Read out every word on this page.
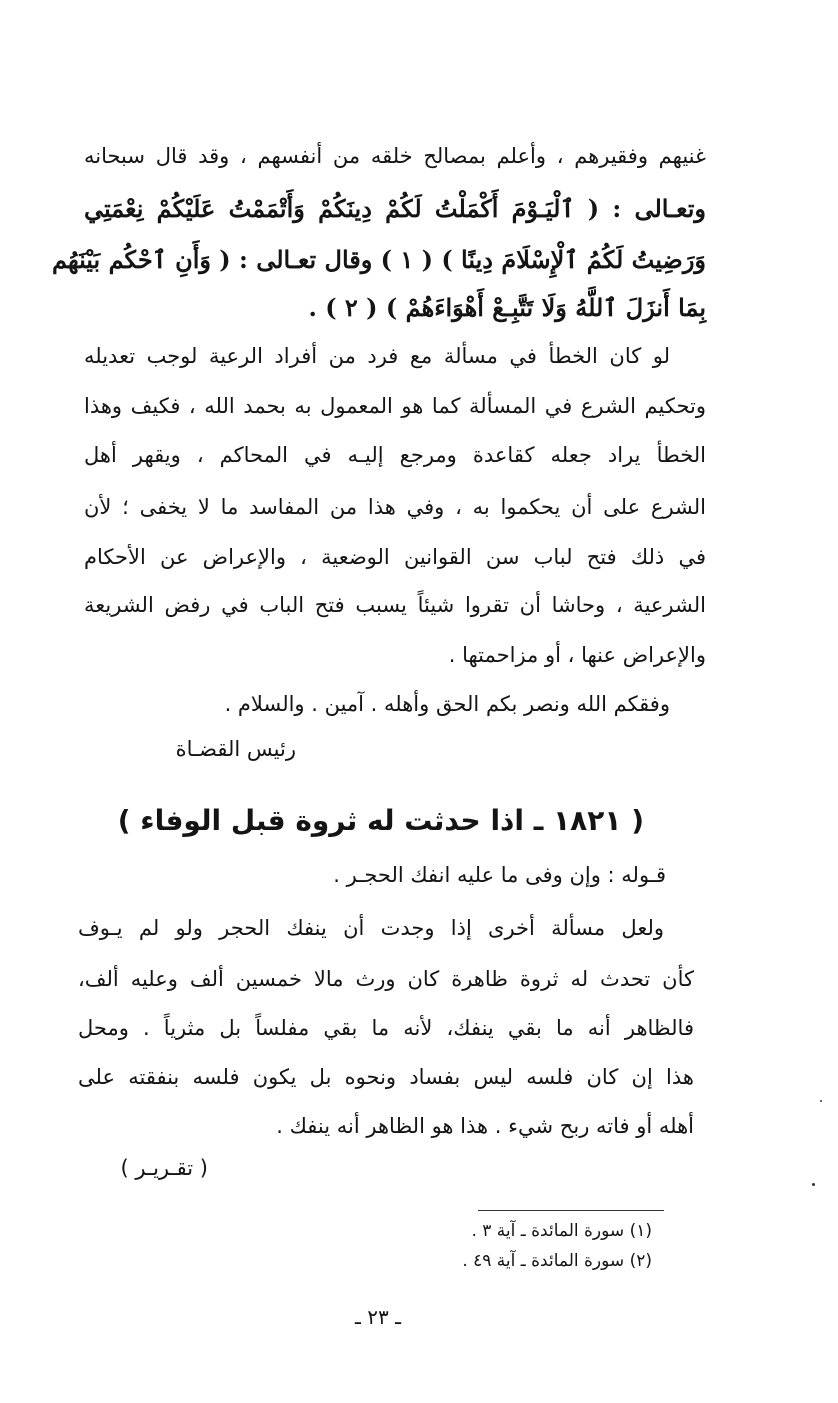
غنيهم وفقيرهم ، وأعلم بمصالح خلقه من أنفسهم ، وقد قال سبحانه
وتعـالى : ( ٱلْيَـوْمَ أَكْمَلْتُ لَكُمْ دِينَكُمْ وَأَتْمَمْتُ عَلَيْكُمْ نِعْمَتِي
وَرَضِيتُ لَكُمُ ٱلْإِسْلَامَ دِينًا ) ( ١ ) وقال تعـالى : ( وَأَنِ ٱحْكُم بَيْنَهُم
بِمَا أَنزَلَ ٱللَّهُ وَلَا تَتَّبِـعْ أَهْوَاءَهُمْ ) ( ٢ ) .
لو كان الخطأ في مسألة مع فرد من أفراد الرعية لوجب تعديله
وتحكيم الشرع في المسألة كما هو المعمول به بحمد الله ، فكيف وهذا
الخطأ يراد جعله كقاعدة ومرجع إليـه في المحاكم ، ويقهر أهل
الشرع على أن يحكموا به ، وفي هذا من المفاسد ما لا يخفى ؛ لأن
في ذلك فتح لباب سن القوانين الوضعية ، والإعراض عن الأحكام
الشرعية ، وحاشا أن تقروا شيئاً يسبب فتح الباب في رفض الشريعة
والإعراض عنها ، أو مزاحمتها .
وفقكم الله ونصر بكم الحق وأهله . آمين . والسلام .
رئيس القضـاة
( ١٨٢١ ـ اذا حدثت له ثروة قبل الوفاء )
قـوله : وإن وفى ما عليه انفك الحجـر .
ولعل مسألة أخرى إذا وجدت أن ينفك الحجر ولو لم يـوف
كأن تحدث له ثروة ظاهرة كان ورث مالا خمسين ألف وعليه ألف،
فالظاهر أنه ما بقي ينفك، لأنه ما بقي مفلساً بل مثرياً . ومحل
هذا إن كان فلسه ليس بفساد ونحوه بل يكون فلسه بنفقته على
أهله أو فاته ربح شيء . هذا هو الظاهر أنه ينفك .
( تقـريـر )
(١) سورة المائدة ـ آية ٣ .
(٢) سورة المائدة ـ آية ٤٩ .
ـ ٢٣ ـ
